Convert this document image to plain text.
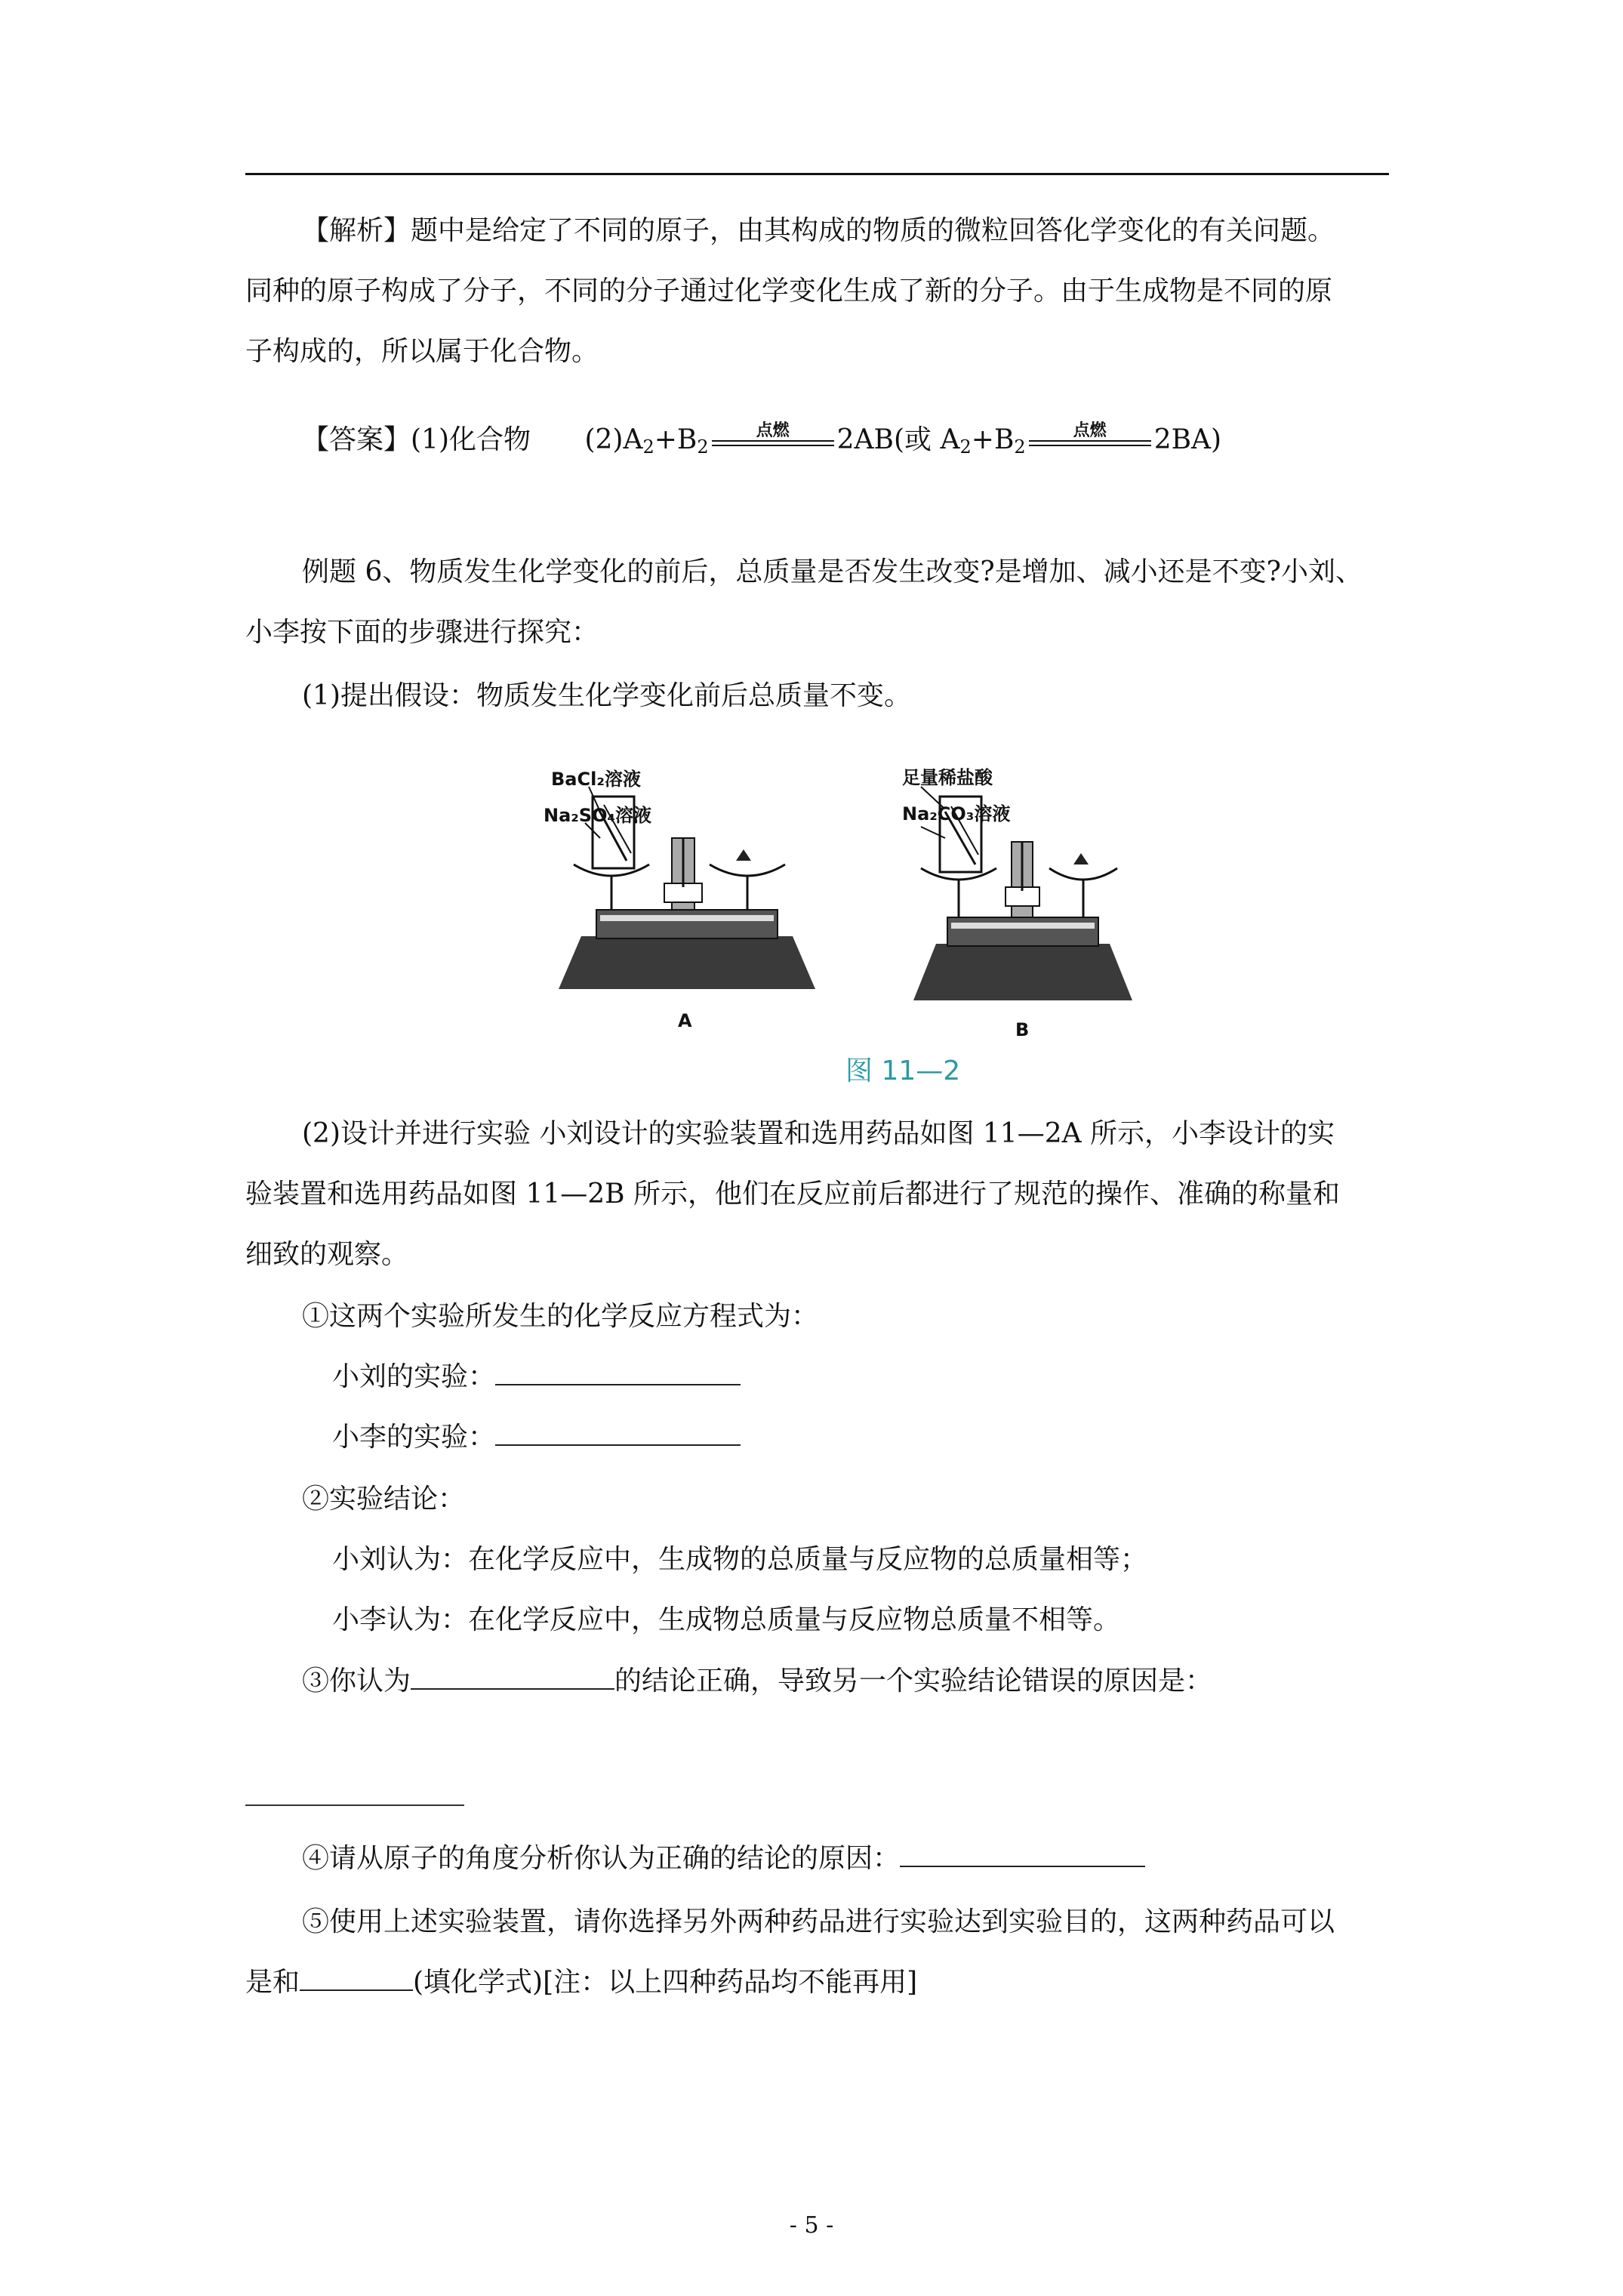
【解析】题中是给定了不同的原子，由其构成的物质的微粒回答化学变化的有关问题。
同种的原子构成了分子，不同的分子通过化学变化生成了新的分子。由于生成物是不同的原
子构成的，所以属于化合物。
【答案】(1)化合物 $(2)A_2+B_2$
点燃	2AB(或 $A_2+B_2$
点燃	2BA)
例题 6、物质发生化学变化的前后，总质量是否发生改变?是增加、减小还是不变?小刘、
小李按下面的步骤进行探究：
(1)提出假设：物质发生化学变化前后总质量不变。
BaCl₂溶液
Na₂SO₄溶液
A
足量稀盐酸
Na₂CO₃溶液
B
图 11—2
(2)设计并进行实验 小刘设计的实验装置和选用药品如图 11—2A 所示，小李设计的实
验装置和选用药品如图 11—2B 所示，他们在反应前后都进行了规范的操作、准确的称量和
细致的观察。
①这两个实验所发生的化学反应方程式为：
小刘的实验：
小李的实验：
②实验结论：
小刘认为：在化学反应中，生成物的总质量与反应物的总质量相等；
小李认为：在化学反应中，生成物总质量与反应物总质量不相等。
③你认为	的结论正确，导致另一个实验结论错误的原因是：
④请从原子的角度分析你认为正确的结论的原因：
⑤使用上述实验装置，请你选择另外两种药品进行实验达到实验目的，这两种药品可以
是和	(填化学式)[注：以上四种药品均不能再用]
- 5 -
